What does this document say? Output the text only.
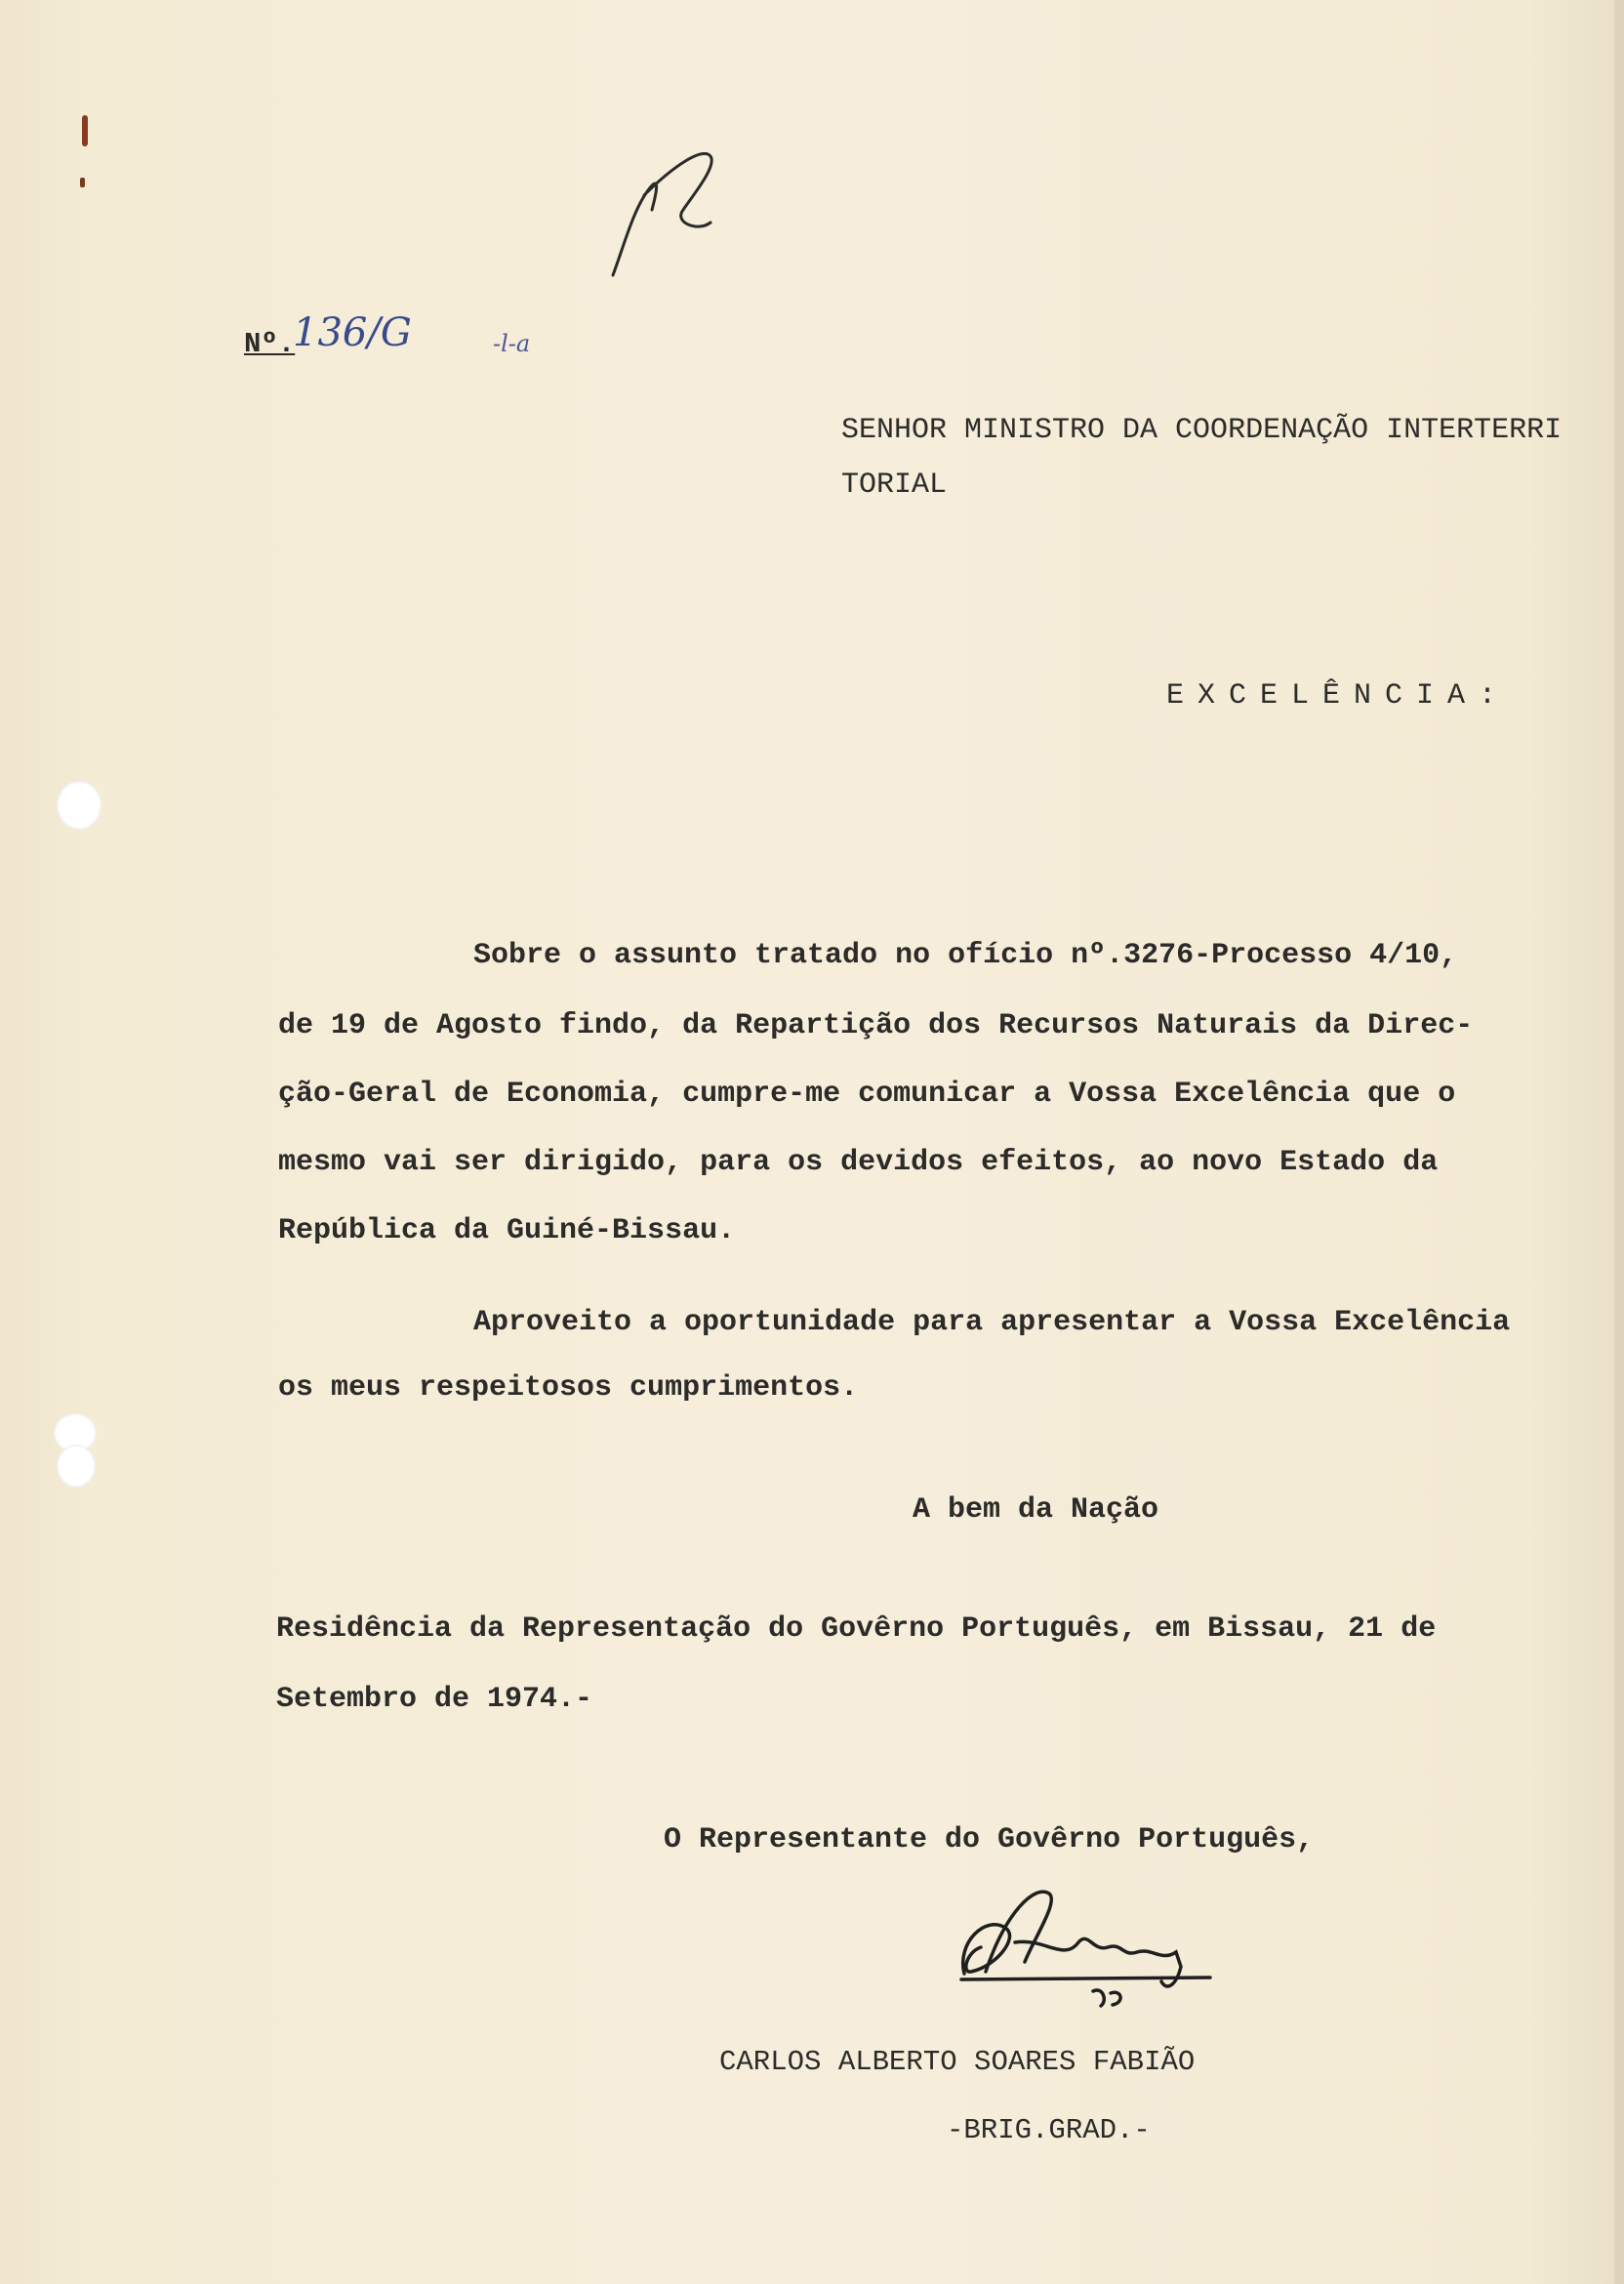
Nº.
136/G	-l-a
SENHOR MINISTRO DA COORDENAÇÃO INTERTERRI
TORIAL
EXCELÊNCIA:
Sobre o assunto tratado no ofício nº.3276-Processo 4/10,
de 19 de Agosto findo, da Repartição dos Recursos Naturais da Direc-
ção-Geral de Economia, cumpre-me comunicar a Vossa Excelência que o
mesmo vai ser dirigido, para os devidos efeitos, ao novo Estado da
República da Guiné-Bissau.
Aproveito a oportunidade para apresentar a Vossa Excelência
os meus respeitosos cumprimentos.
A bem da Nação
Residência da Representação do Govêrno Português, em Bissau, 21 de
Setembro de 1974.-
O Representante do Govêrno Português,
CARLOS ALBERTO SOARES FABIÃO
-BRIG.GRAD.-
